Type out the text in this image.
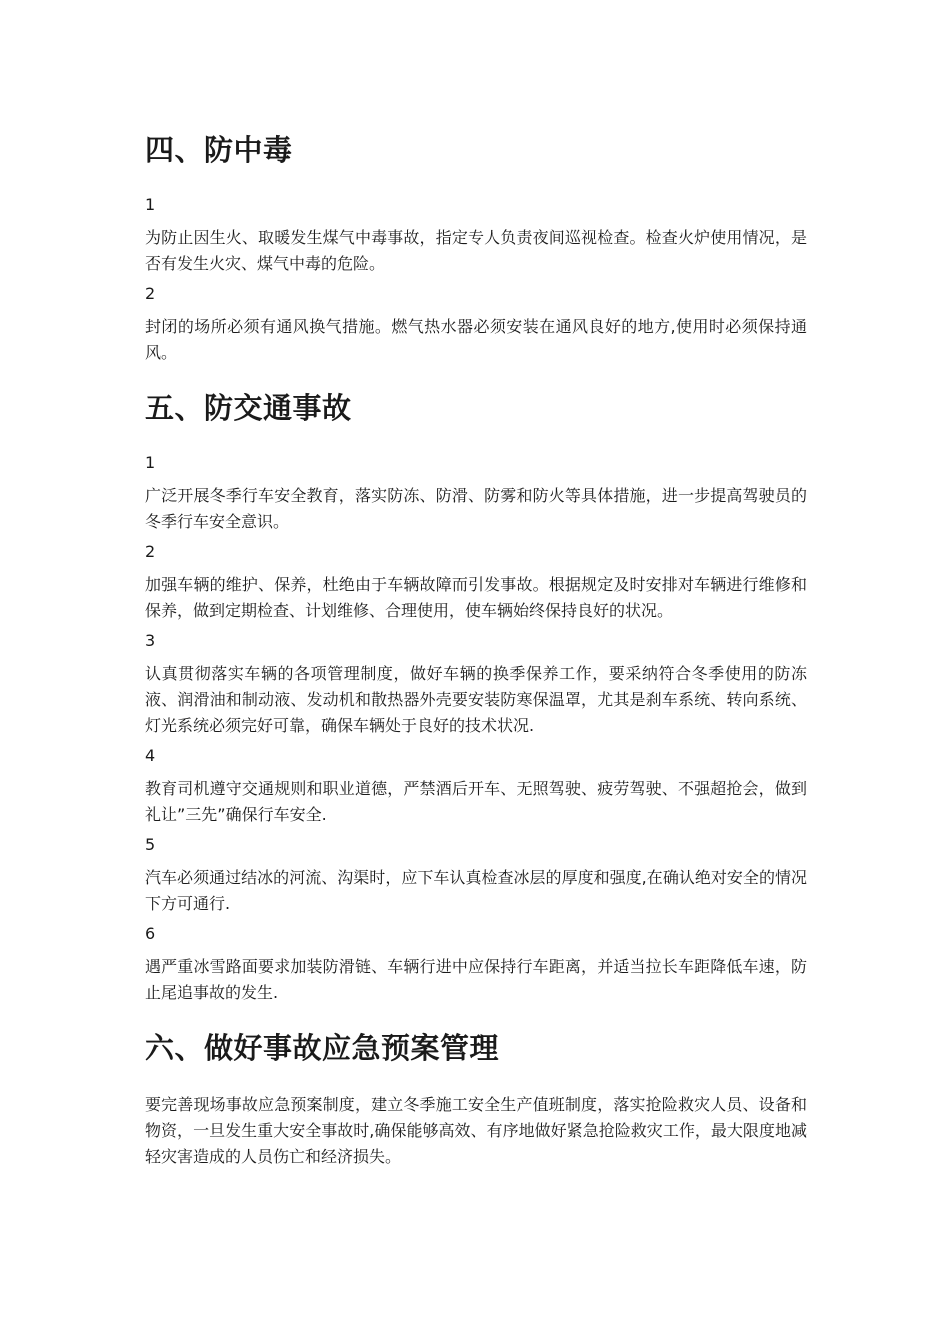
四、防中毒
1

为防止因生火、取暖发生煤气中毒事故，指定专人负责夜间巡视检查。检查火炉使用情况，是否有发生火灾、煤气中毒的危险。

2

封闭的场所必须有通风换气措施。燃气热水器必须安装在通风良好的地方,使用时必须保持通风。

五、防交通事故
1

广泛开展冬季行车安全教育，落实防冻、防滑、防雾和防火等具体措施，进一步提高驾驶员的冬季行车安全意识。

2

加强车辆的维护、保养，杜绝由于车辆故障而引发事故。根据规定及时安排对车辆进行维修和保养，做到定期检查、计划维修、合理使用，使车辆始终保持良好的状况。

3

认真贯彻落实车辆的各项管理制度，做好车辆的换季保养工作，要采纳符合冬季使用的防冻液、润滑油和制动液、发动机和散热器外壳要安装防寒保温罩，尤其是刹车系统、转向系统、灯光系统必须完好可靠，确保车辆处于良好的技术状况.

4

教育司机遵守交通规则和职业道德，严禁酒后开车、无照驾驶、疲劳驾驶、不强超抢会，做到礼让”三先”确保行车安全.

5

汽车必须通过结冰的河流、沟渠时，应下车认真检查冰层的厚度和强度,在确认绝对安全的情况下方可通行.

6

遇严重冰雪路面要求加装防滑链、车辆行进中应保持行车距离，并适当拉长车距降低车速，防止尾追事故的发生.

六、做好事故应急预案管理

要完善现场事故应急预案制度，建立冬季施工安全生产值班制度，落实抢险救灾人员、设备和物资，一旦发生重大安全事故时,确保能够高效、有序地做好紧急抢险救灾工作，最大限度地减轻灾害造成的人员伤亡和经济损失。
